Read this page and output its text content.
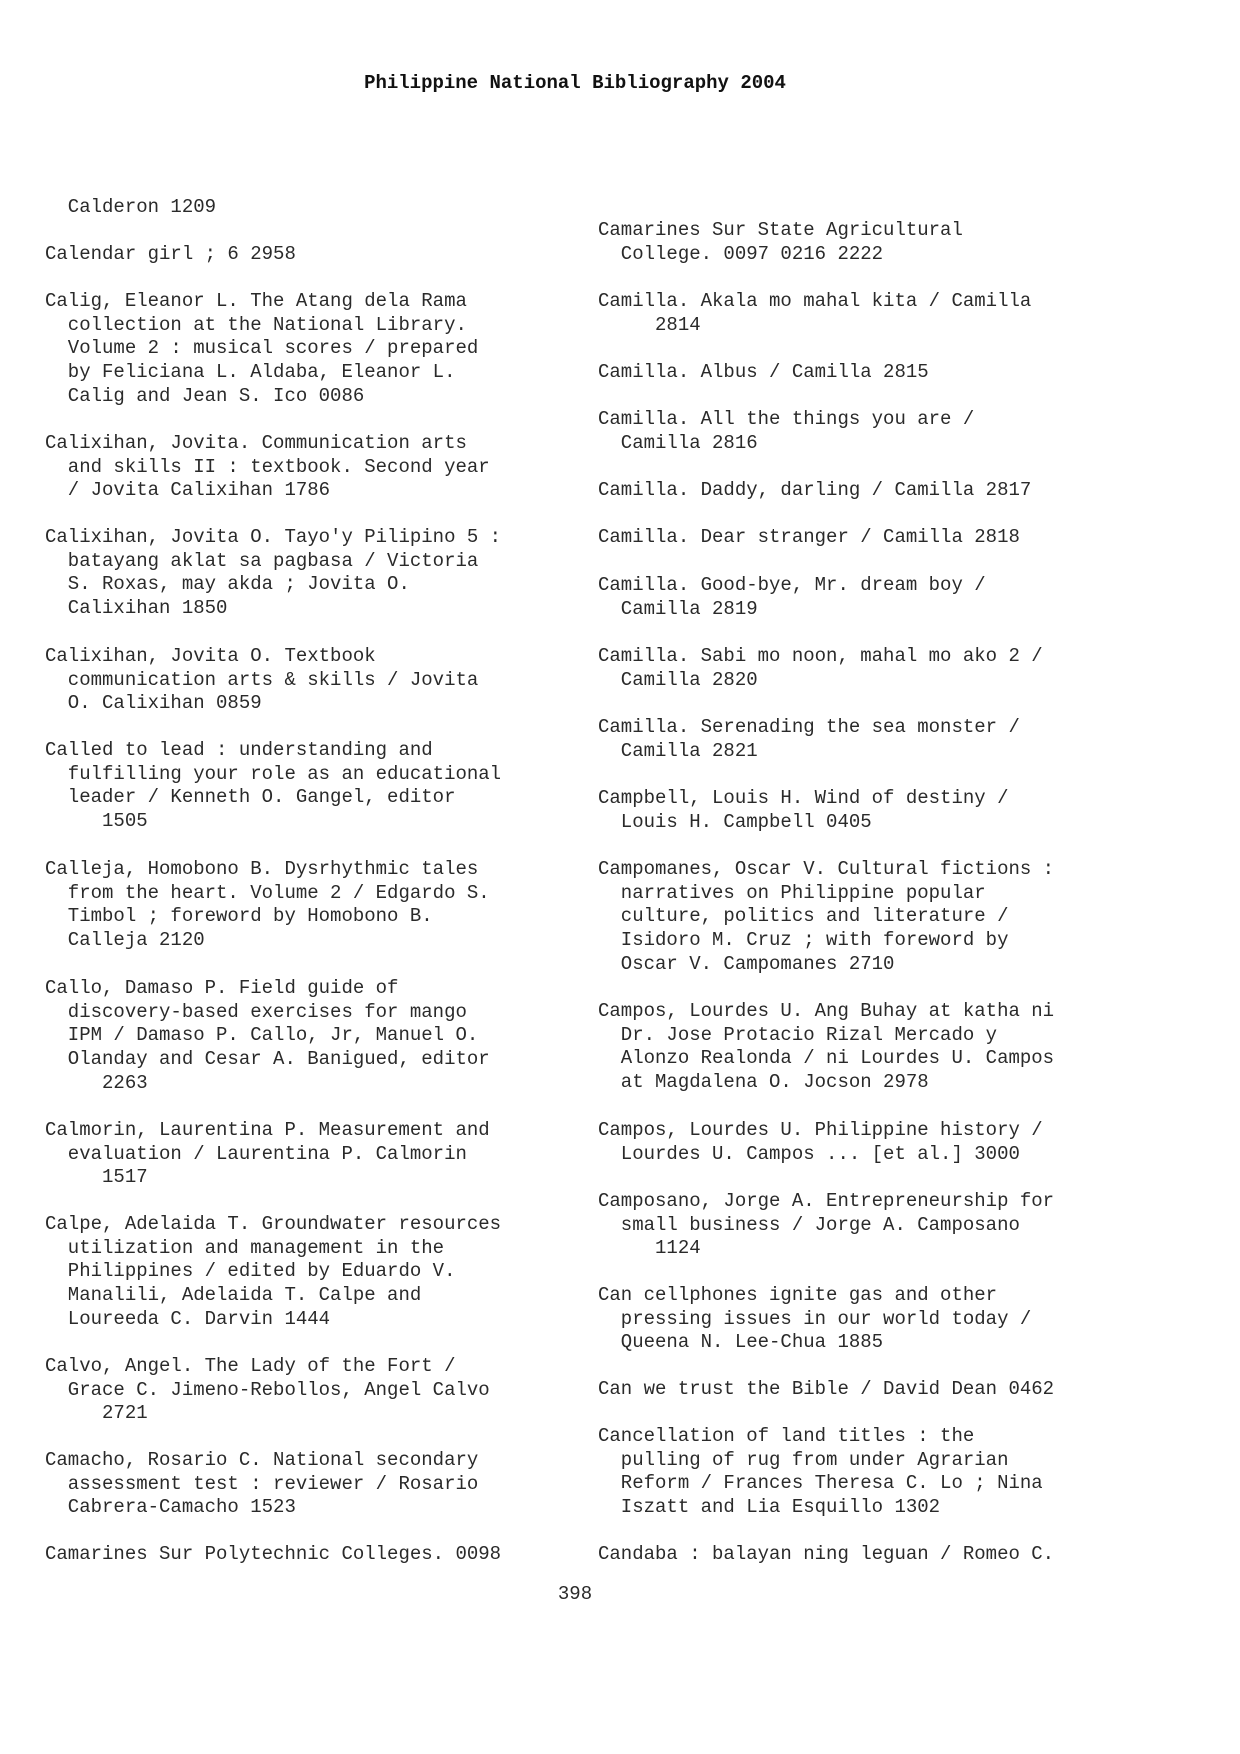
Philippine National Bibliography 2004
Calderon 1209
Calendar girl ; 6 2958
Calig, Eleanor L. The Atang dela Rama
collection at the National Library.
Volume 2 : musical scores / prepared
by Feliciana L. Aldaba, Eleanor L.
Calig and Jean S. Ico 0086
Calixihan, Jovita. Communication arts
and skills II : textbook. Second year
/ Jovita Calixihan 1786
Calixihan, Jovita O. Tayo'y Pilipino 5 :
batayang aklat sa pagbasa / Victoria
S. Roxas, may akda ; Jovita O.
Calixihan 1850
Calixihan, Jovita O. Textbook
communication arts & skills / Jovita
O. Calixihan 0859
Called to lead : understanding and
fulfilling your role as an educational
leader / Kenneth O. Gangel, editor
1505
Calleja, Homobono B. Dysrhythmic tales
from the heart. Volume 2 / Edgardo S.
Timbol ; foreword by Homobono B.
Calleja 2120
Callo, Damaso P. Field guide of
discovery-based exercises for mango
IPM / Damaso P. Callo, Jr, Manuel O.
Olanday and Cesar A. Banigued, editor
2263
Calmorin, Laurentina P. Measurement and
evaluation / Laurentina P. Calmorin
1517
Calpe, Adelaida T. Groundwater resources
utilization and management in the
Philippines / edited by Eduardo V.
Manalili, Adelaida T. Calpe and
Loureeda C. Darvin 1444
Calvo, Angel. The Lady of the Fort /
Grace C. Jimeno-Rebollos, Angel Calvo
2721
Camacho, Rosario C. National secondary
assessment test : reviewer / Rosario
Cabrera-Camacho 1523
Camarines Sur Polytechnic Colleges. 0098
Camarines Sur State Agricultural
College. 0097 0216 2222
Camilla. Akala mo mahal kita / Camilla
2814
Camilla. Albus / Camilla 2815
Camilla. All the things you are /
Camilla 2816
Camilla. Daddy, darling / Camilla 2817
Camilla. Dear stranger / Camilla 2818
Camilla. Good-bye, Mr. dream boy /
Camilla 2819
Camilla. Sabi mo noon, mahal mo ako 2 /
Camilla 2820
Camilla. Serenading the sea monster /
Camilla 2821
Campbell, Louis H. Wind of destiny /
Louis H. Campbell 0405
Campomanes, Oscar V. Cultural fictions :
narratives on Philippine popular
culture, politics and literature /
Isidoro M. Cruz ; with foreword by
Oscar V. Campomanes 2710
Campos, Lourdes U. Ang Buhay at katha ni
Dr. Jose Protacio Rizal Mercado y
Alonzo Realonda / ni Lourdes U. Campos
at Magdalena O. Jocson 2978
Campos, Lourdes U. Philippine history /
Lourdes U. Campos ... [et al.] 3000
Camposano, Jorge A. Entrepreneurship for
small business / Jorge A. Camposano
1124
Can cellphones ignite gas and other
pressing issues in our world today /
Queena N. Lee-Chua 1885
Can we trust the Bible / David Dean 0462
Cancellation of land titles : the
pulling of rug from under Agrarian
Reform / Frances Theresa C. Lo ; Nina
Iszatt and Lia Esquillo 1302
Candaba : balayan ning leguan / Romeo C.
398
